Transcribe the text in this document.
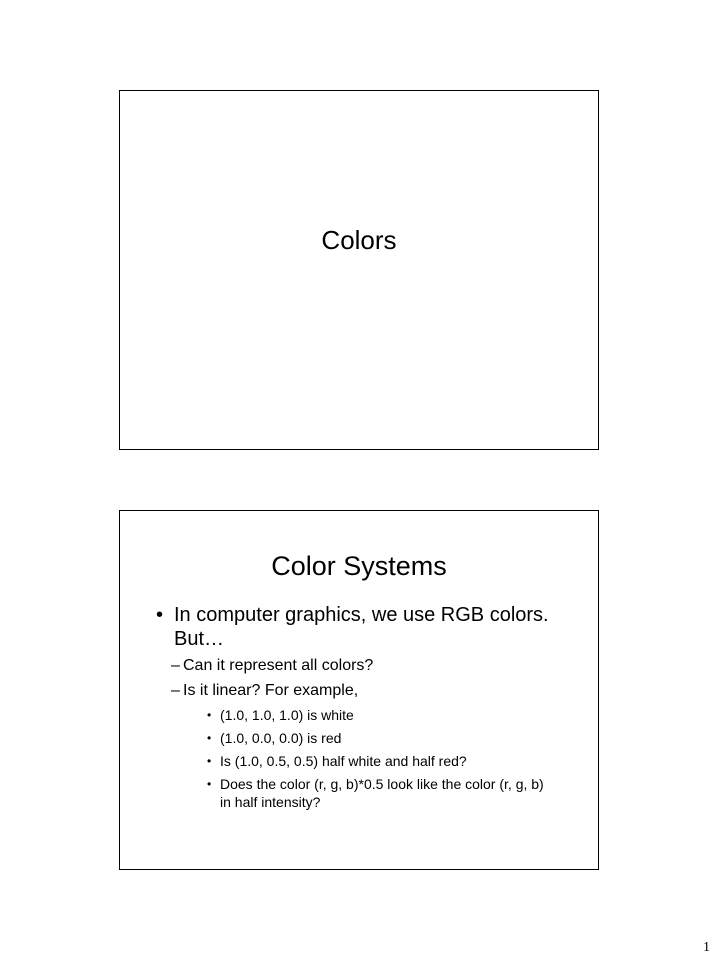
Colors
Color Systems
• In computer graphics, we use RGB colors. But…
– Can it represent all colors?
– Is it linear? For example,
• (1.0, 1.0, 1.0) is white
• (1.0, 0.0, 0.0) is red
• Is (1.0, 0.5, 0.5) half white and half red?
• Does the color (r, g, b)*0.5 look like the color (r, g, b) in half intensity?
1
